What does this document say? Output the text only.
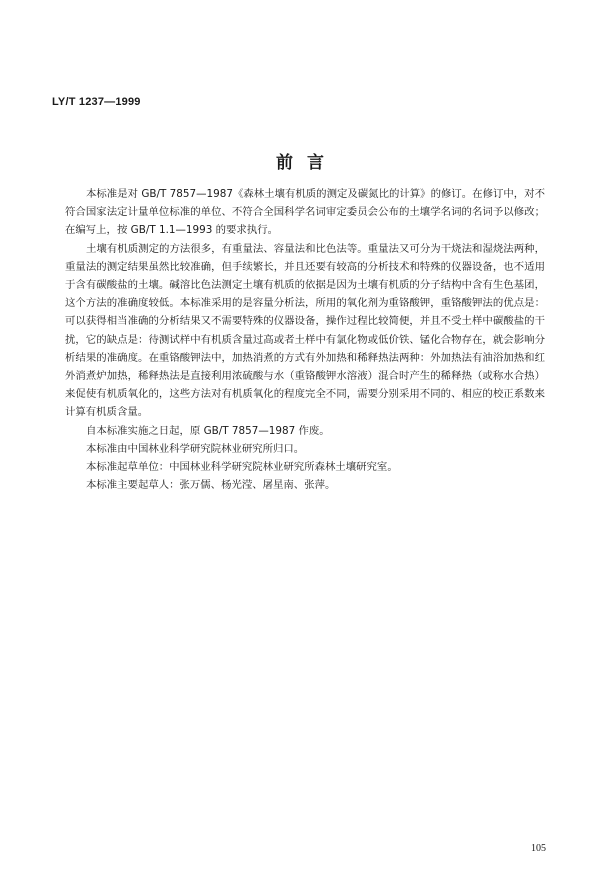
LY/T 1237—1999
前言

本标准是对 GB/T 7857—1987《森林土壤有机质的测定及碳氮比的计算》的修订。在修订中，对不符合国家法定计量单位标准的单位、不符合全国科学名词审定委员会公布的土壤学名词的名词予以修改；在编写上，按 GB/T 1.1—1993 的要求执行。

土壤有机质测定的方法很多，有重量法、容量法和比色法等。重量法又可分为干烧法和湿烧法两种，重量法的测定结果虽然比较准确，但手续繁长，并且还要有较高的分析技术和特殊的仪器设备，也不适用于含有碳酸盐的土壤。碱溶比色法测定土壤有机质的依据是因为土壤有机质的分子结构中含有生色基团，这个方法的准确度较低。本标准采用的是容量分析法，所用的氧化剂为重铬酸钾，重铬酸钾法的优点是：可以获得相当准确的分析结果又不需要特殊的仪器设备，操作过程比较简便，并且不受土样中碳酸盐的干扰，它的缺点是：待测试样中有机质含量过高或者土样中有氯化物或低价铁、锰化合物存在，就会影响分析结果的准确度。在重铬酸钾法中，加热消煮的方式有外加热和稀释热法两种：外加热法有油浴加热和红外消煮炉加热，稀释热法是直接利用浓硫酸与水（重铬酸钾水溶液）混合时产生的稀释热（或称水合热）来促使有机质氧化的，这些方法对有机质氧化的程度完全不同，需要分别采用不同的、相应的校正系数来计算有机质含量。

自本标准实施之日起，原 GB/T 7857—1987 作废。

本标准由中国林业科学研究院林业研究所归口。

本标准起草单位：中国林业科学研究院林业研究所森林土壤研究室。

本标准主要起草人：张万儒、杨光滢、屠星南、张萍。

105
